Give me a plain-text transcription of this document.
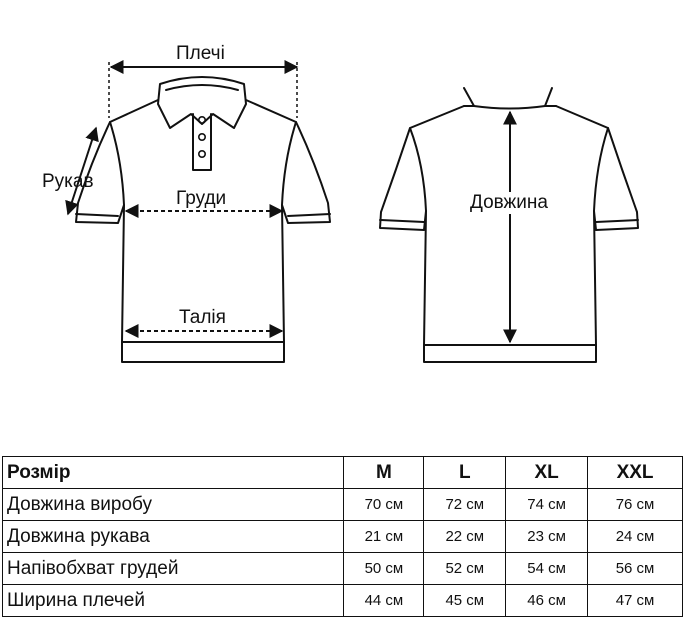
Плечі
Рукав
Груди
Талія
Довжина
Розмір	M	L	XL	XXL
Довжина виробу	70 см	72 см	74 см	76 см
Довжина рукава	21 см	22 см	23 см	24 см
Напівобхват грудей	50 см	52 см	54 см	56 см
Ширина плечей	44 см	45 см	46 см	47 см
